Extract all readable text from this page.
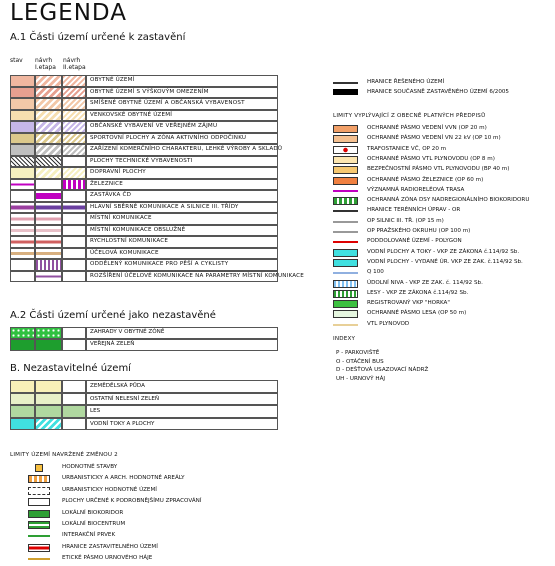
LEGENDA
A.1 Části území určené k zastavění
stav návrh I.etapa
návrh II.etapa
OBYTNÉ ÚZEMÍ
OBYTNÉ ÚZEMÍ S VÝŠKOVÝM OMEZENÍM
SMÍŠENÉ OBYTNÉ ÚZEMÍ A OBČANSKÁ VYBAVENOST
VENKOVSKÉ OBYTNÉ ÚZEMÍ
OBČANSKÉ VYBAVENÍ VE VEŘEJNÉM ZÁJMU
SPORTOVNÍ PLOCHY A ZÓNA AKTIVNÍHO ODPOČINKU
ZAŘÍZENÍ KOMERČNÍHO CHARAKTERU, LEHKÉ VÝROBY A SKLADŮ
PLOCHY TECHNICKÉ VYBAVENOSTI
DOPRAVNÍ PLOCHY
ŽELEZNICE
ZASTÁVKA ČD
HLAVNÍ SBĚRNÉ KOMUNIKACE A SILNICE III. TŘÍDY
MÍSTNÍ KOMUNIKACE
MÍSTNÍ KOMUNIKACE OBSLUŽNÉ
RYCHLOSTNÍ KOMUNIKACE
ÚČELOVÁ KOMUNIKACE
ODDĚLENÝ KOMUNIKACE PRO PĚŠÍ A CYKLISTY
ROZŠÍŘENÍ ÚČELOVÉ KOMUNIKACE NA PARAMETRY MÍSTNÍ KOMUNIKACE
A.2 Části území určené jako nezastavěné
ZAHRADY V OBYTNÉ ZÓNĚ
VEŘEJNÁ ZELEŇ
B. Nezastavitelné území
ZEMĚDĚLSKÁ PŮDA
OSTATNÍ NELESNÍ ZELEŇ
LES
VODNÍ TOKY A PLOCHY
LIMITY ÚZEMÍ NAVRŽENÉ ZMĚNOU 2
HODNOTNÉ STAVBY
URBANISTICKY A ARCH. HODNOTNÉ AREÁLY
URBANISTICKY HODNOTNÉ ÚZEMÍ
PLOCHY URČENÉ K PODROBNĚJŠÍMU ZPRACOVÁNÍ
LOKÁLNÍ BIOKORIDOR
LOKÁLNÍ BIOCENTRUM
INTERAKČNÍ PRVEK
HRANICE ZASTAVITELNÉHO ÚZEMÍ
ETICKÉ PÁSMO URNOVÉHO HÁJE
HRANICE ŘEŠENÉHO ÚZEMÍ
HRANICE SOUČASNĚ ZASTAVĚNÉHO ÚZEMÍ 6/2005
LIMITY VYPLÝVAJÍCÍ Z OBECNĚ PLATNÝCH PŘEDPISŮ
OCHRANNÉ PÁSMO VEDENÍ VVN (OP 20 m)
OCHRANNÉ PÁSMO VEDENÍ VN 22 kV (OP 10 m)
TRAFOSTANICE VČ, OP 20 m
OCHRANNÉ PÁSMO VTL PLYNOVODU (OP 8 m)
BEZPEČNOSTNÍ PÁSMO VTL PLYNOVODU (BP 40 m)
OCHRANNÉ PÁSMO ŽELEZNICE (OP 60 m)
VÝZNAMNÁ RADIORELÉOVÁ TRASA
OCHRANNÁ ZÓNA DSY NADREGIONÁLNÍHO BIOKORIDORU
HRANICE TERÉNNÍCH ÚPRAV - OR
OP SILNIC III. TŘ. (OP 15 m)
OP PRAŽSKÉHO OKRUHU (OP 100 m)
PODDOLOVANÉ ÚZEMÍ - POLYGON
VODNÍ PLOCHY A TOKY - VKP ZE ZÁKONA č.114/92 Sb.
VODNÍ PLOCHY - VYDANÉ ÚR. VKP ZE ZAK. č.114/92 Sb.
Q 100
ÚDOLNÍ NIVA - VKP ZE ZAK. č. 114/92 Sb.
LESY - VKP ZE ZÁKONA č.114/92 Sb.
REGISTROVANÝ VKP "HORKA"
OCHRANNÉ PÁSMO LESA (OP 50 m)
VTL PLYNOVOD
INDEXY
P - PARKOVIŠTĚ
O - OTÁČENÍ BUS
D - DEŠŤOVÁ USAZOVACÍ NÁDRŽ
UH - URNOVÝ HÁJ
